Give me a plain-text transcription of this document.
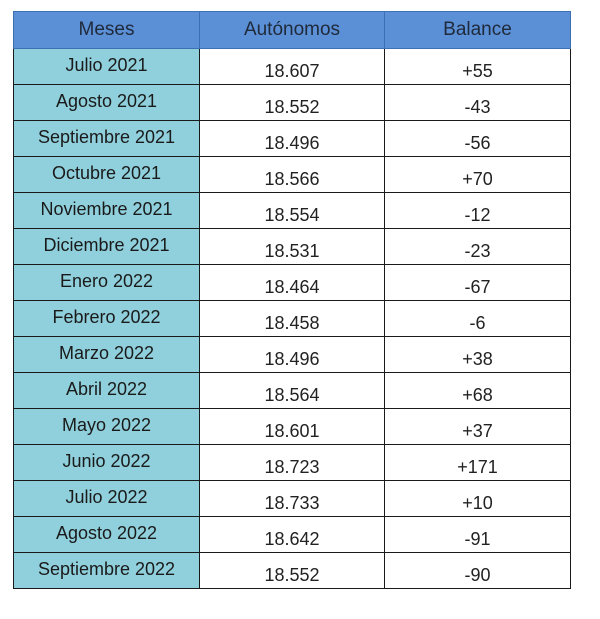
Meses	Autónomos	Balance
Julio 2021	18.607	+55
Agosto 2021	18.552	-43
Septiembre 2021	18.496	-56
Octubre 2021	18.566	+70
Noviembre 2021	18.554	-12
Diciembre 2021	18.531	-23
Enero 2022	18.464	-67
Febrero 2022	18.458	-6
Marzo 2022	18.496	+38
Abril 2022	18.564	+68
Mayo 2022	18.601	+37
Junio 2022	18.723	+171
Julio 2022	18.733	+10
Agosto 2022	18.642	-91
Septiembre 2022	18.552	-90
